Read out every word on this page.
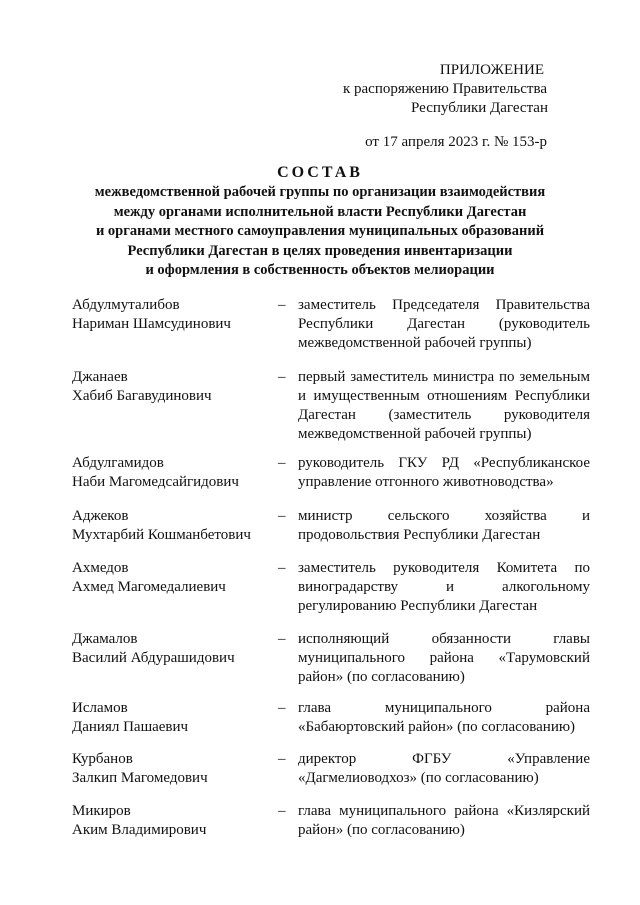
ПРИЛОЖЕНИЕ
к распоряжению Правительства
Республики Дагестан
от 17 апреля 2023 г. № 153-р
СОСТАВ
межведомственной рабочей группы по организации взаимодействия
между органами исполнительной власти Республики Дагестан
и органами местного самоуправления муниципальных образований
Республики Дагестан в целях проведения инвентаризации
и оформления в собственность объектов мелиорации
Абдулмуталибов
Нариман Шамсудинович
– заместитель Председателя Правительства Республики Дагестан (руководитель межведомственной рабочей группы)
Джанаев
Хабиб Багавудинович
– первый заместитель министра по земельным и имущественным отношениям Республики Дагестан (заместитель руководителя межведомственной рабочей группы)
Абдулгамидов
Наби Магомедсайгидович
– руководитель ГКУ РД «Республиканское управление отгонного животноводства»
Аджеков
Мухтарбий Кошманбетович
– министр сельского хозяйства и продовольствия Республики Дагестан
Ахмедов
Ахмед Магомедалиевич
– заместитель руководителя Комитета по виноградарству и алкогольному регулированию Республики Дагестан
Джамалов
Василий Абдурашидович
– исполняющий обязанности главы муниципального района «Тарумовский район» (по согласованию)
Исламов
Даниял Пашаевич
– глава муниципального района «Бабаюртовский район» (по согласованию)
Курбанов
Залкип Магомедович
– директор ФГБУ «Управление «Дагмелиоводхоз» (по согласованию)
Микиров
Аким Владимирович
– глава муниципального района «Кизлярский район» (по согласованию)
